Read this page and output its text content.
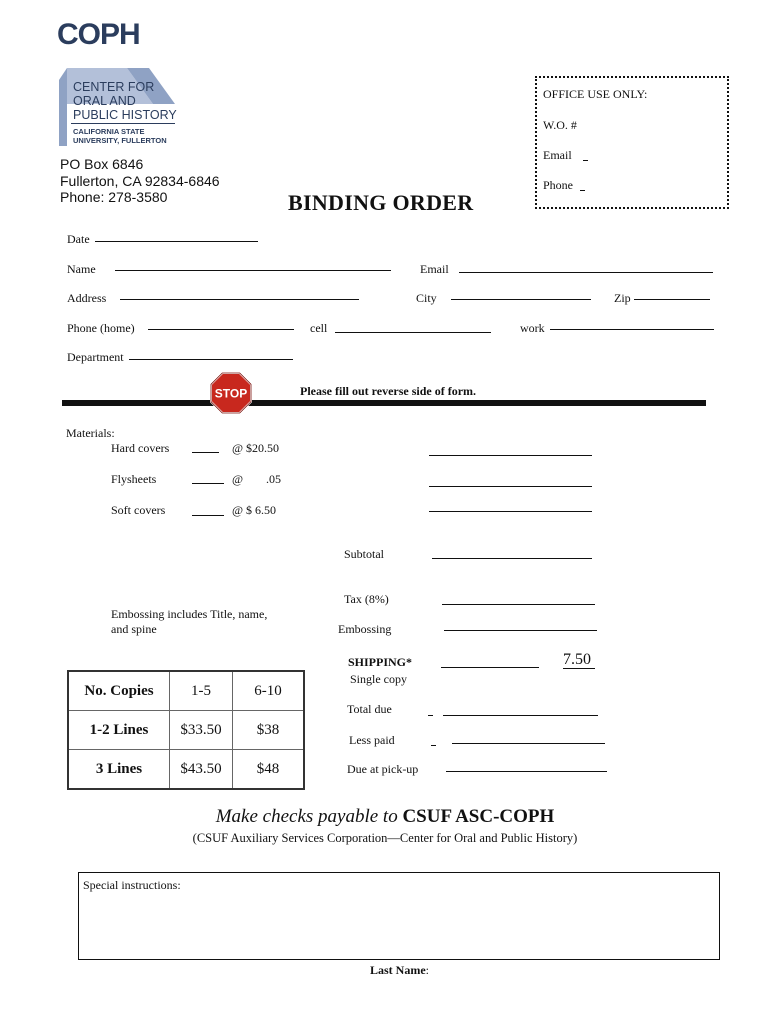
COPH
CENTER FOR
ORAL AND
PUBLIC HISTORY
CALIFORNIA STATE
UNIVERSITY, FULLERTON
PO Box 6846
Fullerton, CA 92834-6846
Phone: 278-3580	BINDING ORDER
OFFICE USE ONLY:
W.O. #
Email
Phone
Date
Name	Email
Address	City	Zip
Phone (home)	cell	work
Department
STOP	Please fill out reverse side of form.
Materials:
Hard covers	@ $20.50
Flysheets	@ .05
Soft covers	@ $ 6.50
Subtotal
Tax (8%)
Embossing includes Title, name,
and spine	Embossing
SHIPPING*
Single copy
7.50
Total due
Less paid
Due at pick-up
No. Copies	1-5	6-10
1-2 Lines	$33.50	$38
3 Lines	$43.50	$48
Make checks payable to CSUF ASC-COPH
(CSUF Auxiliary Services Corporation—Center for Oral and Public History)
Special instructions:
Last Name:
